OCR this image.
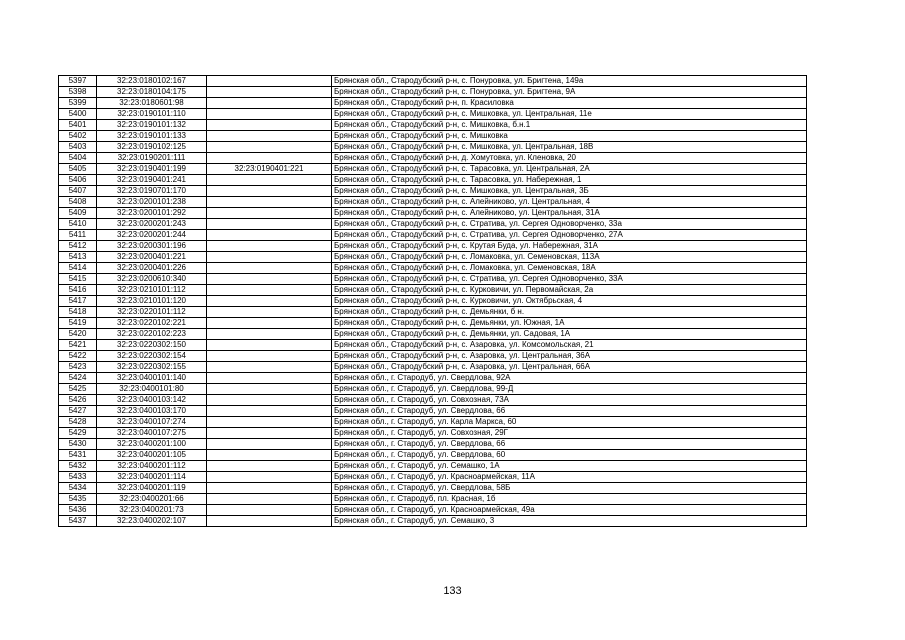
5397	32:23:0180102:167		Брянская обл., Стародубский р-н, с. Понуровка, ул. Бригтена, 149а
5398	32:23:0180104:175		Брянская обл., Стародубский р-н, с. Понуровка, ул. Бригтена, 9А
5399	32:23:0180601:98		Брянская обл., Стародубский р-н, п. Красиловка
5400	32:23:0190101:110		Брянская обл., Стародубский р-н, с. Мишковка, ул. Центральная, 11е
5401	32:23:0190101:132		Брянская обл., Стародубский р-н, с. Мишковка, б.н.1
5402	32:23:0190101:133		Брянская обл., Стародубский р-н, с. Мишковка
5403	32:23:0190102:125		Брянская обл., Стародубский р-н, с. Мишковка, ул. Центральная, 18В
5404	32:23:0190201:111		Брянская обл., Стародубский р-н, д. Хомутовка, ул. Кленовка, 20
5405	32:23:0190401:199	32:23:0190401:221	Брянская обл., Стародубский р-н, с. Тарасовка, ул. Центральная, 2А
5406	32:23:0190401:241		Брянская обл., Стародубский р-н, с. Тарасовка, ул. Набережная, 1
5407	32:23:0190701:170		Брянская обл., Стародубский р-н, с. Мишковка, ул. Центральная, 3Б
5408	32:23:0200101:238		Брянская обл., Стародубский р-н, с. Алейниково, ул. Центральная, 4
5409	32:23:0200101:292		Брянская обл., Стародубский р-н, с. Алейниково, ул. Центральная, 31А
5410	32:23:0200201:243		Брянская обл., Стародубский р-н, с. Стратива, ул. Сергея Одноворченко, 33а
5411	32:23:0200201:244		Брянская обл., Стародубский р-н, с. Стратива, ул. Сергея Одноворченко, 27А
5412	32:23:0200301:196		Брянская обл., Стародубский р-н, с. Крутая Буда, ул. Набережная, 31А
5413	32:23:0200401:221		Брянская обл., Стародубский р-н, с. Ломаковка, ул. Семеновская, 113А
5414	32:23:0200401:226		Брянская обл., Стародубский р-н, с. Ломаковка, ул. Семеновская, 18А
5415	32:23:0200610:340		Брянская обл., Стародубский р-н, с. Стратива, ул. Сергея Одноворченко, 33А
5416	32:23:0210101:112		Брянская обл., Стародубский р-н, с. Курковичи, ул. Первомайская, 2а
5417	32:23:0210101:120		Брянская обл., Стародубский р-н, с. Курковичи, ул. Октябрьская, 4
5418	32:23:0220101:112		Брянская обл., Стародубский р-н, с. Демьянки, б н.
5419	32:23:0220102:221		Брянская обл., Стародубский р-н, с. Демьянки, ул. Южная, 1А
5420	32:23:0220102:223		Брянская обл., Стародубский р-н, с. Демьянки, ул. Садовая, 1А
5421	32:23:0220302:150		Брянская обл., Стародубский р-н, с. Азаровка, ул. Комсомольская, 21
5422	32:23:0220302:154		Брянская обл., Стародубский р-н, с. Азаровка, ул. Центральная, 36А
5423	32:23:0220302:155		Брянская обл., Стародубский р-н, с. Азаровка, ул. Центральная, 66А
5424	32:23:0400101:140		Брянская обл., г. Стародуб, ул. Свердлова, 92А
5425	32:23:0400101:80		Брянская обл., г. Стародуб, ул. Свердлова, 99-Д
5426	32:23:0400103:142		Брянская обл., г. Стародуб, ул. Совхозная, 73А
5427	32:23:0400103:170		Брянская обл., г. Стародуб, ул. Свердлова, 66
5428	32:23:0400107:274		Брянская обл., г. Стародуб, ул. Карла Маркса, 60
5429	32:23:0400107:275		Брянская обл., г. Стародуб, ул. Совхозная, 29Г
5430	32:23:0400201:100		Брянская обл., г. Стародуб, ул. Свердлова, 66
5431	32:23:0400201:105		Брянская обл., г. Стародуб, ул. Свердлова, 60
5432	32:23:0400201:112		Брянская обл., г. Стародуб, ул. Семашко, 1А
5433	32:23:0400201:114		Брянская обл., г. Стародуб, ул. Красноармейская, 11А
5434	32:23:0400201:119		Брянская обл., г. Стародуб, ул. Свердлова, 58Б
5435	32:23:0400201:66		Брянская обл., г. Стародуб, пл. Красная, 1б
5436	32:23:0400201:73		Брянская обл., г. Стародуб, ул. Красноармейская, 49а
5437	32:23:0400202:107		Брянская обл., г. Стародуб, ул. Семашко, 3
133
